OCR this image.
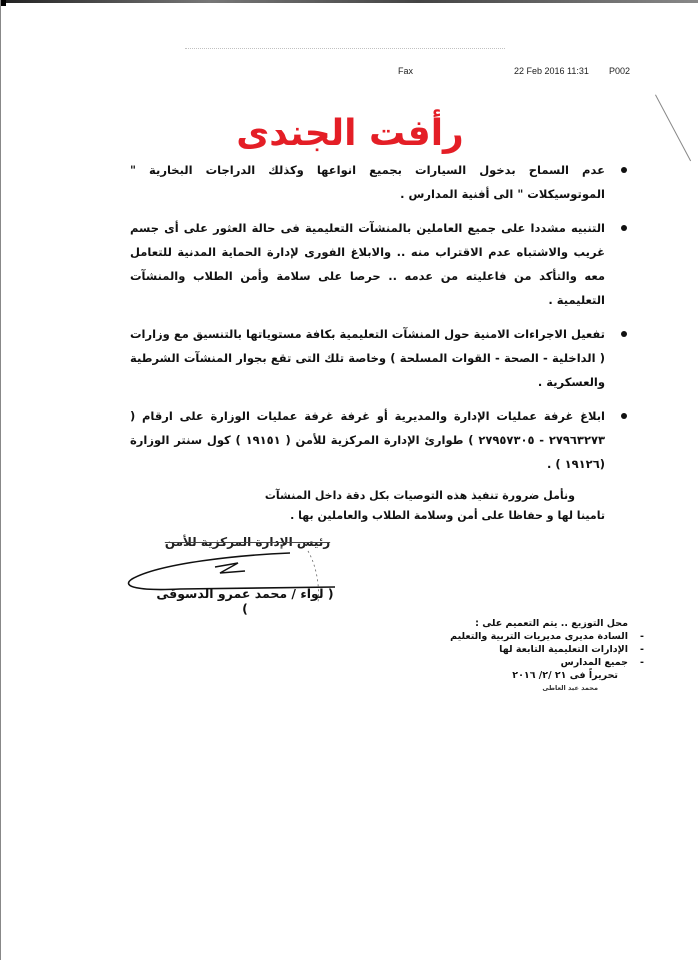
Fax	22 Feb 2016 11:31 P002
رأفت الجندى
عدم السماح بدخول السيارات بجميع انواعها وكذلك الدراجات البخارية " الموتوسيكلات " الى أفنية المدارس .
التنبيه مشددا على جميع العاملين بالمنشآت التعليمية فى حالة العثور على أى جسم غريب والاشتباه عدم الاقتراب منه .. والابلاغ الفورى لإدارة الحماية المدنية للتعامل معه والتأكد من فاعليته من عدمه .. حرصا على سلامة وأمن الطلاب والمنشآت التعليمية .
تفعيل الاجراءات الامنية حول المنشآت التعليمية بكافة مستوياتها بالتنسيق مع وزارات ( الداخلية - الصحة - القوات المسلحة ) وخاصة تلك التى تقع بجوار المنشآت الشرطية والعسكرية .
ابلاغ غرفة عمليات الإدارة والمديرية أو غرفة غرفة عمليات الوزارة على ارقام ( ٢٧٩٦٣٢٧٣ - ٢٧٩٥٧٣٠٥ ) طوارئ الإدارة المركزية للأمن ( ١٩١٥١ ) كول سنتر الوزارة (١٩١٢٦ ) .

ونأمل ضرورة تنفيذ هذه التوصيات بكل دقة داخل المنشآت

تامينا لها و حفاظا على أمن وسلامة الطلاب والعاملين بها .

رئيس الإدارة المركزية للأمن
( لواء / محمد عمرو الدسوقى )
محل التوزيع .. يتم التعميم على :
-
السادة مديرى مديريات التربية والتعليم
-
الإدارات التعليمية التابعة لها
-
جميع المدارس
تحريراً فى ٢١ /٢/ ٢٠١٦
محمد عبد العاطى
